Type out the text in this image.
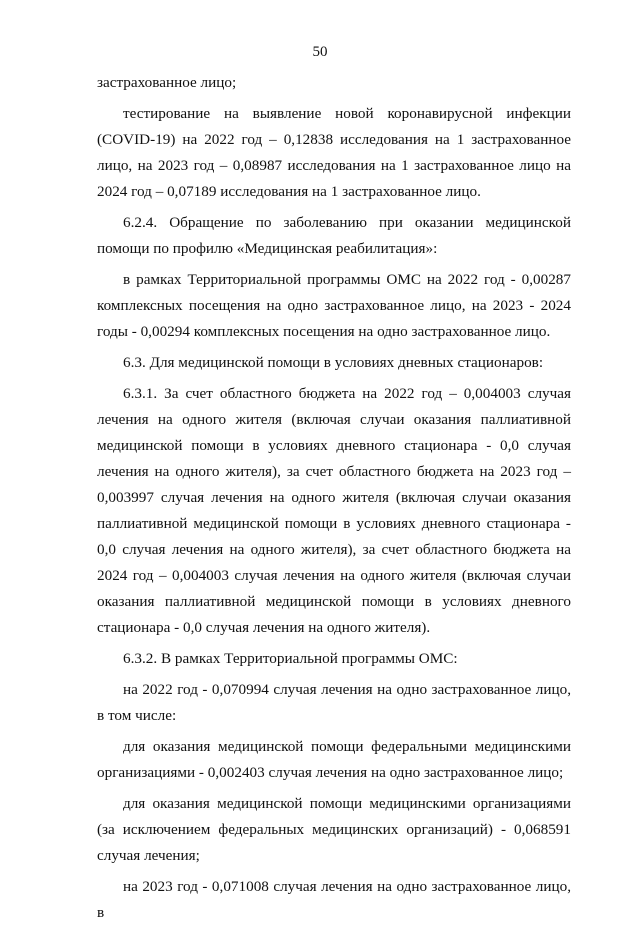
50

застрахованное лицо;

тестирование на выявление новой коронавирусной инфекции (COVID-19) на 2022 год – 0,12838 исследования на 1 застрахованное лицо, на 2023 год – 0,08987 исследования на 1 застрахованное лицо на 2024 год – 0,07189 исследования на 1 застрахованное лицо.

6.2.4. Обращение по заболеванию при оказании медицинской помощи по профилю «Медицинская реабилитация»:

в рамках Территориальной программы ОМС на 2022 год - 0,00287 комплексных посещения на одно застрахованное лицо, на 2023 - 2024 годы - 0,00294 комплексных посещения на одно застрахованное лицо.

6.3. Для медицинской помощи в условиях дневных стационаров:

6.3.1. За счет областного бюджета на 2022 год – 0,004003 случая лечения на одного жителя (включая случаи оказания паллиативной медицинской помощи в условиях дневного стационара - 0,0 случая лечения на одного жителя), за счет областного бюджета на 2023 год – 0,003997 случая лечения на одного жителя (включая случаи оказания паллиативной медицинской помощи в условиях дневного стационара - 0,0 случая лечения на одного жителя), за счет областного бюджета на 2024 год – 0,004003 случая лечения на одного жителя (включая случаи оказания паллиативной медицинской помощи в условиях дневного стационара - 0,0 случая лечения на одного жителя).

6.3.2. В рамках Территориальной программы ОМС:

на 2022 год - 0,070994 случая лечения на одно застрахованное лицо, в том числе:

для оказания медицинской помощи федеральными медицинскими организациями - 0,002403 случая лечения на одно застрахованное лицо;

для оказания медицинской помощи медицинскими организациями (за исключением федеральных медицинских организаций) - 0,068591 случая лечения;

на 2023 год - 0,071008 случая лечения на одно застрахованное лицо, в
